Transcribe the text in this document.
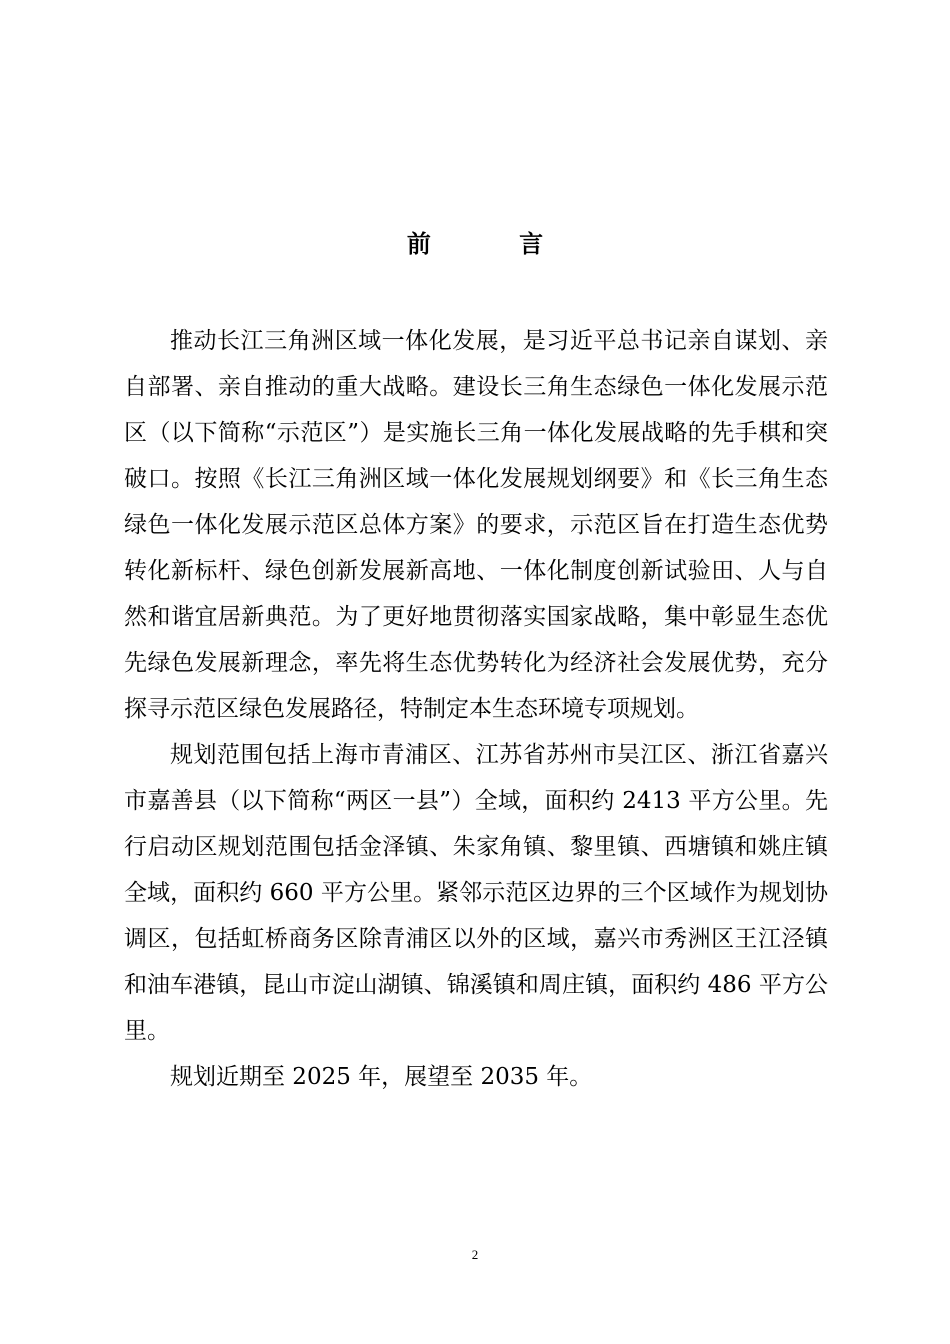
前 言

推动长江三角洲区域一体化发展，是习近平总书记亲自谋划、亲自部署、亲自推动的重大战略。建设长三角生态绿色一体化发展示范区（以下简称“示范区”）是实施长三角一体化发展战略的先手棋和突破口。按照《长江三角洲区域一体化发展规划纲要》和《长三角生态绿色一体化发展示范区总体方案》的要求，示范区旨在打造生态优势转化新标杆、绿色创新发展新高地、一体化制度创新试验田、人与自然和谐宜居新典范。为了更好地贯彻落实国家战略，集中彰显生态优先绿色发展新理念，率先将生态优势转化为经济社会发展优势，充分探寻示范区绿色发展路径，特制定本生态环境专项规划。

规划范围包括上海市青浦区、江苏省苏州市吴江区、浙江省嘉兴市嘉善县（以下简称“两区一县”）全域，面积约 2413 平方公里。先行启动区规划范围包括金泽镇、朱家角镇、黎里镇、西塘镇和姚庄镇全域，面积约 660 平方公里。紧邻示范区边界的三个区域作为规划协调区，包括虹桥商务区除青浦区以外的区域，嘉兴市秀洲区王江泾镇和油车港镇，昆山市淀山湖镇、锦溪镇和周庄镇，面积约 486 平方公里。

规划近期至 2025 年，展望至 2035 年。

2
